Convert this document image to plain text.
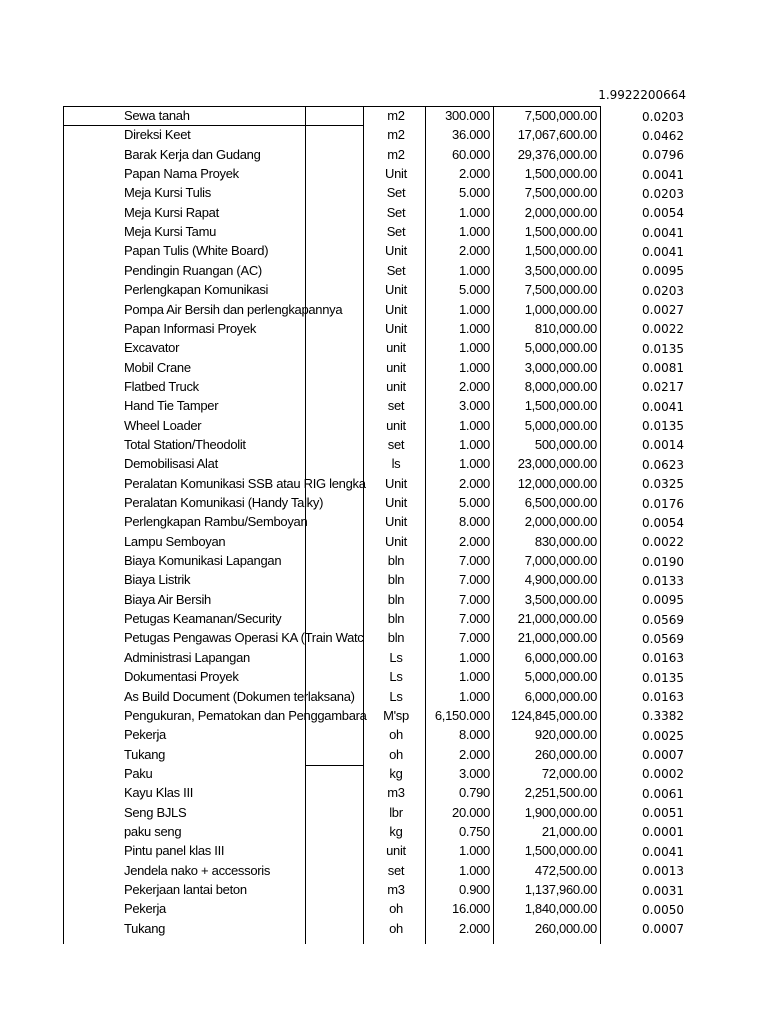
1.9922200664
Sewa tanah	m2	300.000	7,500,000.00	0.0203
Direksi Keet	m2	36.000	17,067,600.00	0.0462
Barak Kerja dan Gudang	m2	60.000	29,376,000.00	0.0796
Papan Nama Proyek	Unit	2.000	1,500,000.00	0.0041
Meja Kursi Tulis	Set	5.000	7,500,000.00	0.0203
Meja Kursi Rapat	Set	1.000	2,000,000.00	0.0054
Meja Kursi Tamu	Set	1.000	1,500,000.00	0.0041
Papan Tulis (White Board)	Unit	2.000	1,500,000.00	0.0041
Pendingin Ruangan (AC)	Set	1.000	3,500,000.00	0.0095
Perlengkapan Komunikasi	Unit	5.000	7,500,000.00	0.0203
Pompa Air Bersih dan perlengkapannya	Unit	1.000	1,000,000.00	0.0027
Papan Informasi Proyek	Unit	1.000	810,000.00	0.0022
Excavator	unit	1.000	5,000,000.00	0.0135
Mobil Crane	unit	1.000	3,000,000.00	0.0081
Flatbed Truck	unit	2.000	8,000,000.00	0.0217
Hand Tie Tamper	set	3.000	1,500,000.00	0.0041
Wheel Loader	unit	1.000	5,000,000.00	0.0135
Total Station/Theodolit	set	1.000	500,000.00	0.0014
Demobilisasi Alat	ls	1.000	23,000,000.00	0.0623
Peralatan Komunikasi SSB atau RIG lengka	Unit	2.000	12,000,000.00	0.0325
Peralatan Komunikasi (Handy Talky)	Unit	5.000	6,500,000.00	0.0176
Perlengkapan Rambu/Semboyan	Unit	8.000	2,000,000.00	0.0054
Lampu Semboyan	Unit	2.000	830,000.00	0.0022
Biaya Komunikasi Lapangan	bln	7.000	7,000,000.00	0.0190
Biaya Listrik	bln	7.000	4,900,000.00	0.0133
Biaya Air Bersih	bln	7.000	3,500,000.00	0.0095
Petugas Keamanan/Security	bln	7.000	21,000,000.00	0.0569
Petugas Pengawas Operasi KA (Train Watc	bln	7.000	21,000,000.00	0.0569
Administrasi Lapangan	Ls	1.000	6,000,000.00	0.0163
Dokumentasi Proyek	Ls	1.000	5,000,000.00	0.0135
As Build Document (Dokumen terlaksana)	Ls	1.000	6,000,000.00	0.0163
Pengukuran, Pematokan dan Penggambara	M'sp	6,150.000	124,845,000.00	0.3382
Pekerja	oh	8.000	920,000.00	0.0025
Tukang	oh	2.000	260,000.00	0.0007
Paku	kg	3.000	72,000.00	0.0002
Kayu Klas III	m3	0.790	2,251,500.00	0.0061
Seng BJLS	lbr	20.000	1,900,000.00	0.0051
paku seng	kg	0.750	21,000.00	0.0001
Pintu panel klas III	unit	1.000	1,500,000.00	0.0041
Jendela nako + accessoris	set	1.000	472,500.00	0.0013
Pekerjaan lantai beton	m3	0.900	1,137,960.00	0.0031
Pekerja	oh	16.000	1,840,000.00	0.0050
Tukang	oh	2.000	260,000.00	0.0007
